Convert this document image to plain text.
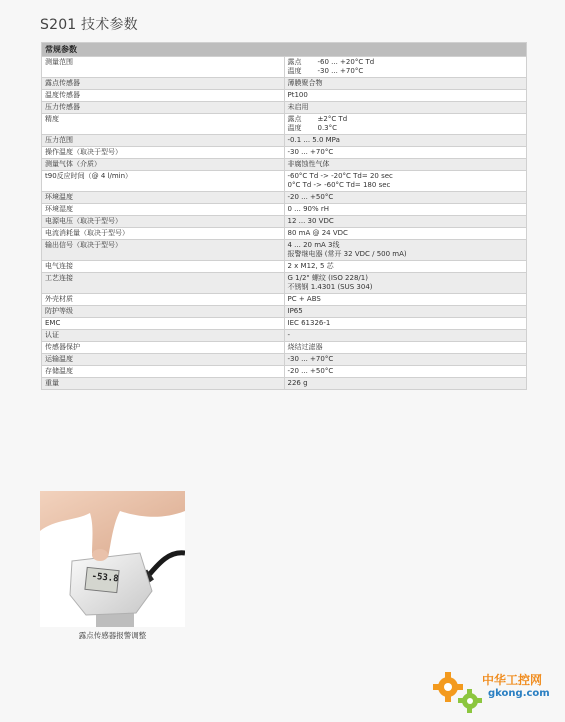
S201 技术参数
常规参数	
测量范围	露点 -60 ... +20°C Td
温度 -30 ... +70°C

露点传感器	薄膜聚合物

温度传感器	Pt100

压力传感器	未启用

精度	露点 ±2°C Td
温度 0.3°C

压力范围	-0.1 ... 5.0 MPa

操作温度（取决于型号）	-30 ... +70°C

测量气体（介质）	非腐蚀性气体

t90反应时间（@ 4 l/min）	-60°C Td -> -20°C Td= 20 sec
0°C Td -> -60°C Td= 180 sec

环境温度	-20 ... +50°C

环境湿度	0 ... 90% rH

电源电压（取决于型号）	12 ... 30 VDC

电流消耗量（取决于型号）	80 mA @ 24 VDC

输出信号（取决于型号）	4 ... 20 mA 3线
报警继电器 (常开 32 VDC / 500 mA)

电气连接	2 x M12, 5 芯

工艺连接	G 1/2" 螺纹 (ISO 228/1)
不锈钢 1.4301 (SUS 304)

外壳材质	PC + ABS

防护等级	IP65

EMC	IEC 61326-1

认证	-

传感器保护	烧结过滤器

运输温度	-30 ... +70°C

存储温度	-20 ... +50°C

重量	226 g
-53.8
露点传感器报警调整
中华工控网
gkong.com
